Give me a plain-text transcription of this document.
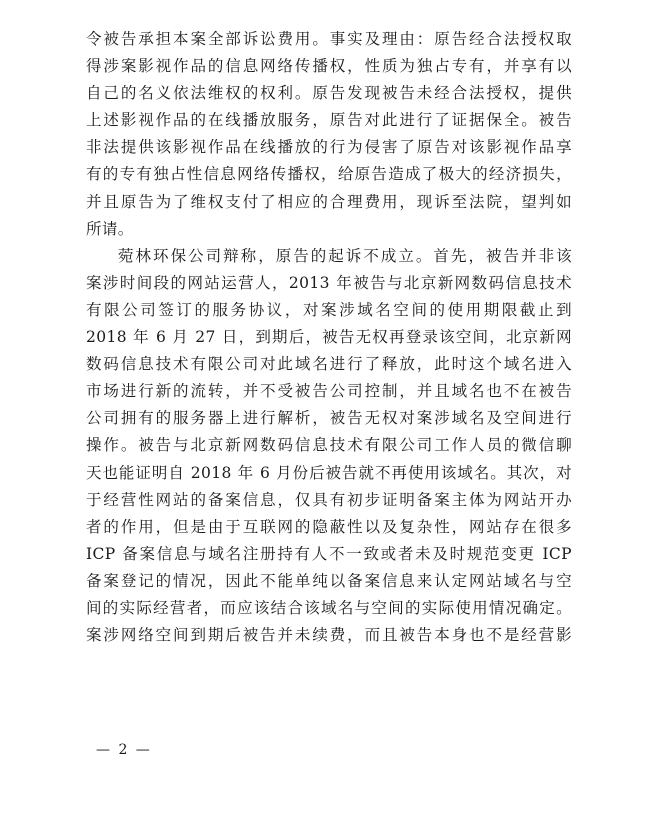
令被告承担本案全部诉讼费用。事实及理由：原告经合法授权取
得涉案影视作品的信息网络传播权，性质为独占专有，并享有以
自己的名义依法维权的权利。原告发现被告未经合法授权，提供
上述影视作品的在线播放服务，原告对此进行了证据保全。被告
非法提供该影视作品在线播放的行为侵害了原告对该影视作品享
有的专有独占性信息网络传播权，给原告造成了极大的经济损失，
并且原告为了维权支付了相应的合理费用，现诉至法院，望判如
所请。
菀林环保公司辩称，原告的起诉不成立。首先，被告并非该
案涉时间段的网站运营人，2013 年被告与北京新网数码信息技术
有限公司签订的服务协议，对案涉域名空间的使用期限截止到
2018 年 6 月 27 日，到期后，被告无权再登录该空间，北京新网
数码信息技术有限公司对此域名进行了释放，此时这个域名进入
市场进行新的流转，并不受被告公司控制，并且域名也不在被告
公司拥有的服务器上进行解析，被告无权对案涉域名及空间进行
操作。被告与北京新网数码信息技术有限公司工作人员的微信聊
天也能证明自 2018 年 6 月份后被告就不再使用该域名。其次，对
于经营性网站的备案信息，仅具有初步证明备案主体为网站开办
者的作用，但是由于互联网的隐蔽性以及复杂性，网站存在很多
ICP 备案信息与域名注册持有人不一致或者未及时规范变更 ICP
备案登记的情况，因此不能单纯以备案信息来认定网站域名与空
间的实际经营者，而应该结合该域名与空间的实际使用情况确定。
案涉网络空间到期后被告并未续费，而且被告本身也不是经营影
— 2 —
